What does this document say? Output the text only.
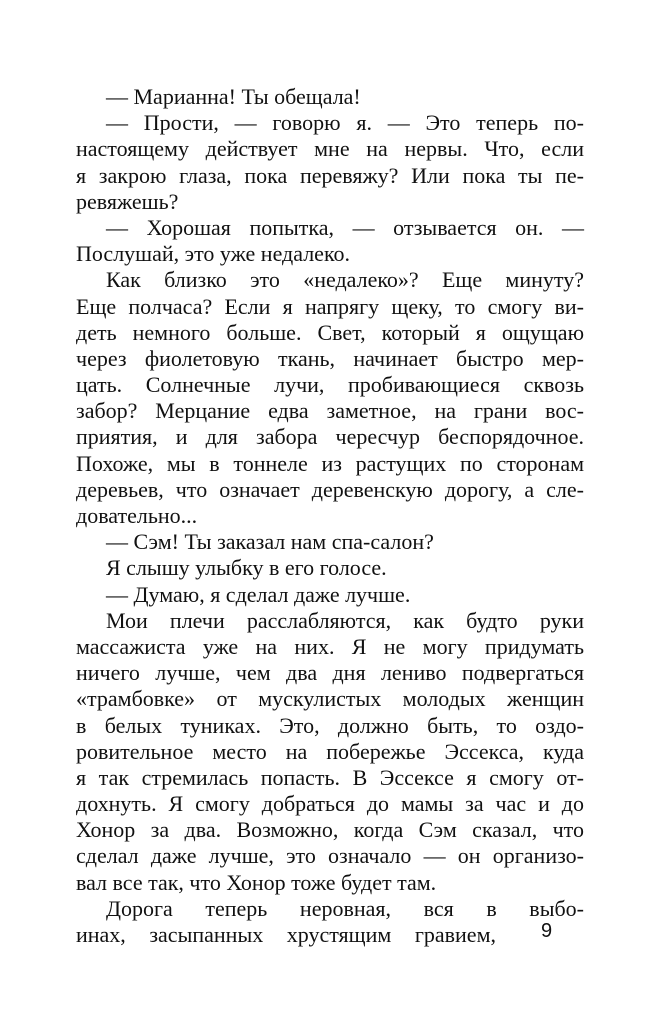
— Марианна! Ты обещала!
— Прости, — говорю я. — Это теперь по-
настоящему действует мне на нервы. Что, если
я закрою глаза, пока перевяжу? Или пока ты пе-
ревяжешь?
— Хорошая попытка, — отзывается он. —
Послушай, это уже недалеко.
Как близко это «недалеко»? Еще минуту?
Еще полчаса? Если я напрягу щеку, то смогу ви-
деть немного больше. Свет, который я ощущаю
через фиолетовую ткань, начинает быстро мер-
цать. Солнечные лучи, пробивающиеся сквозь
забор? Мерцание едва заметное, на грани вос-
приятия, и для забора чересчур беспорядочное.
Похоже, мы в тоннеле из растущих по сторонам
деревьев, что означает деревенскую дорогу, а сле-
довательно...
— Сэм! Ты заказал нам спа-салон?
Я слышу улыбку в его голосе.
— Думаю, я сделал даже лучше.
Мои плечи расслабляются, как будто руки
массажиста уже на них. Я не могу придумать
ничего лучше, чем два дня лениво подвергаться
«трамбовке» от мускулистых молодых женщин
в белых туниках. Это, должно быть, то оздо-
ровительное место на побережье Эссекса, куда
я так стремилась попасть. В Эссексе я смогу от-
дохнуть. Я смогу добраться до мамы за час и до
Хонор за два. Возможно, когда Сэм сказал, что
сделал даже лучше, это означало — он организо-
вал все так, что Хонор тоже будет там.
Дорога теперь неровная, вся в выбо-
инах, засыпанных хрустящим гравием, 9
